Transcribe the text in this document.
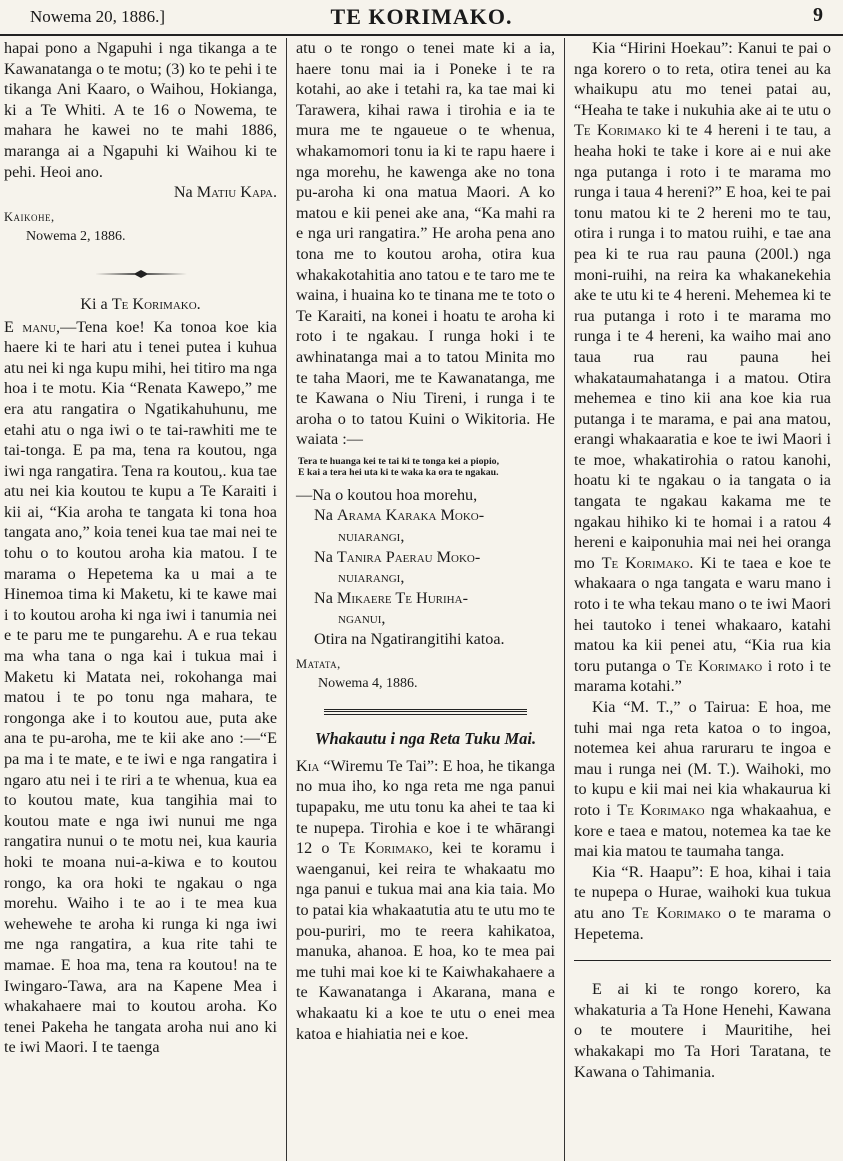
Nowema 20, 1886.]	TE KORIMAKO.	9

hapai pono a Ngapuhi i nga tikanga a te Kawanatanga o te motu; (3) ko te pehi i te tikanga Ani Kaaro, o Waihou, Hokianga, ki a Te Whiti. A te 16 o Nowema, te mahara he kawei no te mahi 1886, maranga ai a Ngapuhi ki Waihou ki te pehi. Heoi ano.

Na Matiu Kapa.

Kaikohe,
Nowema 2, 1886.

Ki a Te Korimako.

E manu,—Tena koe! Ka tonoa koe kia haere ki te hari atu i tenei putea i kuhua atu nei ki nga kupu mihi, hei titiro ma nga hoa i te motu. Kia “Renata Kawepo,” me era atu rangatira o Ngatikahuhunu, me etahi atu o nga iwi o te tai-rawhiti me te tai-tonga. E pa ma, tena ra koutou, nga iwi nga rangatira. Tena ra koutou,. kua tae atu nei kia koutou te kupu a Te Karaiti i kii ai, “Kia aroha te tangata ki tona hoa tangata ano,” koia tenei kua tae mai nei te tohu o to koutou aroha kia matou. I te marama o Hepetema ka u mai a te Hinemoa tima ki Maketu, ki te kawe mai i to koutou aroha ki nga iwi i tanumia nei e te paru me te pungarehu. A e rua tekau ma wha tana o nga kai i tukua mai i Maketu ki Matata nei, rokohanga mai matou i te po tonu nga mahara, te rongonga ake i to koutou aue, puta ake ana te pu-aroha, me te kii ake ano :—“E pa ma i te mate, e te iwi e nga rangatira i ngaro atu nei i te riri a te whenua, kua ea to koutou mate, kua tangihia mai to koutou mate e nga iwi nunui me nga rangatira nunui o te motu nei, kua kauria hoki te moana nui-a-kiwa e to koutou rongo, ka ora hoki te ngakau o nga morehu. Waiho i te ao i te mea kua wehewehe te aroha ki runga ki nga iwi me nga rangatira, a kua rite tahi te mamae. E hoa ma, tena ra koutou! na te Iwingaro-Tawa, ara na Kapene Mea i whakahaere mai to koutou aroha. Ko tenei Pakeha he tangata aroha nui ano ki te iwi Maori. I te taenga

atu o te rongo o tenei mate ki a ia, haere tonu mai ia i Poneke i te ra kotahi, ao ake i tetahi ra, ka tae mai ki Tarawera, kihai rawa i tirohia e ia te mura me te ngaueue o te whenua, whakamomori tonu ia ki te rapu haere i nga morehu, he kawenga ake no tona pu-aroha ki ona matua Maori. A ko matou e kii penei ake ana, “Ka mahi ra e nga uri rangatira.” He aroha pena ano tona me to koutou aroha, otira kua whakakotahitia ano tatou e te taro me te waina, i huaina ko te tinana me te toto o Te Karaiti, na konei i hoatu te aroha ki roto i te ngakau. I runga hoki i te awhinatanga mai a to tatou Minita mo te taha Maori, me te Kawanatanga, me te Kawana o Niu Tireni, i runga i te aroha o to tatou Kuini o Wikitoria. He waiata :—

Tera te huanga kei te tai ki te tonga kei a piopio,

E kai a tera hei uta ki te waka ka ora te ngakau.

—Na o koutou hoa morehu,

Na Arama Karaka Moko-

nuiarangi,

Na Tanira Paerau Moko-

nuiarangi,

Na Mikaere Te Huriha-

nganui,

Otira na Ngatirangitihi katoa.

Matata,
Nowema 4, 1886.

Whakautu i nga Reta Tuku Mai.

Kia “Wiremu Te Tai”: E hoa, he tikanga no mua iho, ko nga reta me nga panui tupapaku, me utu tonu ka ahei te taa ki te nupepa. Tirohia e koe i te whārangi 12 o Te Korimako, kei te koramu i waenganui, kei reira te whakaatu mo nga panui e tukua mai ana kia taia. Mo to patai kia whakaatutia atu te utu mo te pou-puriri, mo te reera kahikatoa, manuka, ahanoa. E hoa, ko te mea pai me tuhi mai koe ki te Kaiwhakahaere a te Kawanatanga i Akarana, mana e whakaatu ki a koe te utu o enei mea katoa e hiahiatia nei e koe.

Kia “Hirini Hoekau”: Kanui te pai o nga korero o to reta, otira tenei au ka whaikupu atu mo tenei patai au, “Heaha te take i nukuhia ake ai te utu o Te Korimako ki te 4 hereni i te tau, a heaha hoki te take i kore ai e nui ake nga putanga i roto i te marama mo runga i taua 4 hereni?” E hoa, kei te pai tonu matou ki te 2 hereni mo te tau, otira i runga i to matou ruihi, e tae ana pea ki te rua rau pauna (200l.) nga moni-ruihi, na reira ka whakanekehia ake te utu ki te 4 hereni. Mehemea ki te rua putanga i roto i te marama mo runga i te 4 hereni, ka waiho mai ano taua rua rau pauna hei whakataumahatanga i a matou. Otira mehemea e tino kii ana koe kia rua putanga i te marama, e pai ana matou, erangi whakaaratia e koe te iwi Maori i te moe, whakatirohia o ratou kanohi, hoatu ki te ngakau o ia tangata o ia tangata te ngakau kakama me te ngakau hihiko ki te homai i a ratou 4 hereni e kaiponuhia mai nei hei oranga mo Te Korimako. Ki te taea e koe te whakaara o nga tangata e waru mano i roto i te wha tekau mano o te iwi Maori hei tautoko i tenei whakaaro, katahi matou ka kii penei atu, “Kia rua kia toru putanga o Te Korimako i roto i te marama kotahi.”

Kia “M. T.,” o Tairua: E hoa, me tuhi mai nga reta katoa o to ingoa, notemea kei ahua raruraru te ingoa e mau i runga nei (M. T.). Waihoki, mo to kupu e kii mai nei kia whakaurua ki roto i Te Korimako nga whakaahua, e kore e taea e matou, notemea ka tae ke mai kia matou te taumaha tanga.

Kia “R. Haapu”: E hoa, kihai i taia te nupepa o Hurae, waihoki kua tukua atu ano Te Korimako o te marama o Hepetema.

E ai ki te rongo korero, ka whakaturia a Ta Hone Henehi, Kawana o te moutere i Mauritihe, hei whakakapi mo Ta Hori Taratana, te Kawana o Tahimania.
